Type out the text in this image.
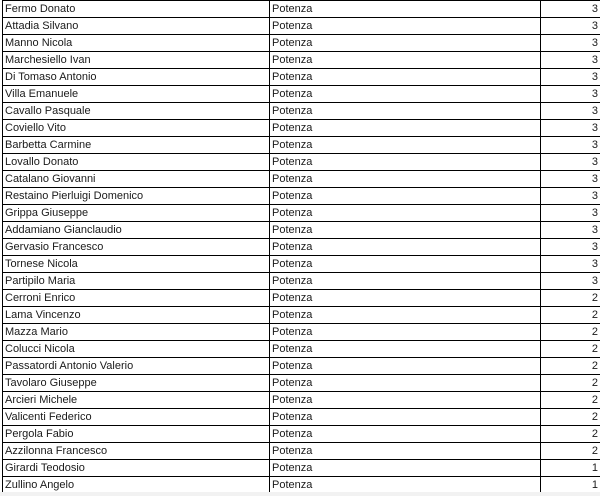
Fermo Donato	Potenza	3
Attadia Silvano	Potenza	3
Manno Nicola	Potenza	3
Marchesiello Ivan	Potenza	3
Di Tomaso Antonio	Potenza	3
Villa Emanuele	Potenza	3
Cavallo Pasquale	Potenza	3
Coviello Vito	Potenza	3
Barbetta Carmine	Potenza	3
Lovallo Donato	Potenza	3
Catalano Giovanni	Potenza	3
Restaino Pierluigi Domenico	Potenza	3
Grippa Giuseppe	Potenza	3
Addamiano Gianclaudio	Potenza	3
Gervasio Francesco	Potenza	3
Tornese Nicola	Potenza	3
Partipilo Maria	Potenza	3
Cerroni Enrico	Potenza	2
Lama Vincenzo	Potenza	2
Mazza Mario	Potenza	2
Colucci Nicola	Potenza	2
Passatordi Antonio Valerio	Potenza	2
Tavolaro Giuseppe	Potenza	2
Arcieri Michele	Potenza	2
Valicenti Federico	Potenza	2
Pergola Fabio	Potenza	2
Azzilonna Francesco	Potenza	2
Girardi Teodosio	Potenza	1
Zullino Angelo	Potenza	1
